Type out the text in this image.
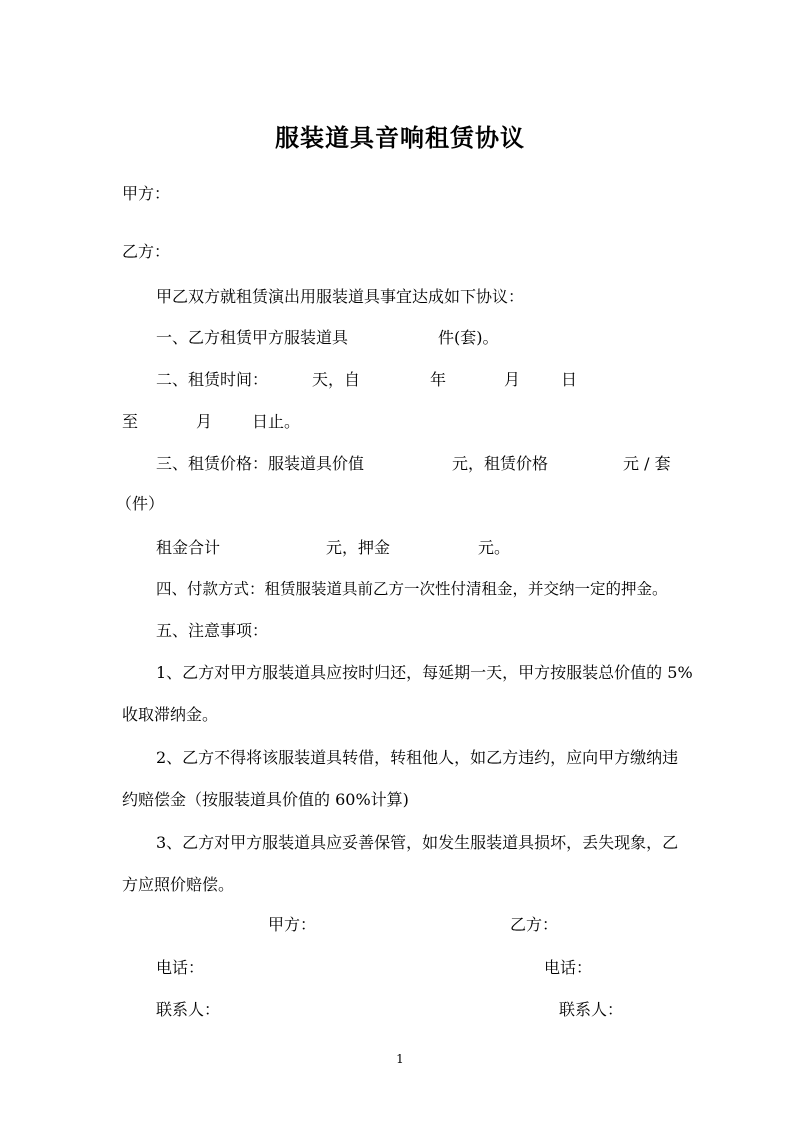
服装道具音响租赁协议
甲方：
乙方：
甲乙双方就租赁演出用服装道具事宜达成如下协议：
一、乙方租赁甲方服装道具	件(套)。
二、租赁时间：	天，自	年	月	日
至	月 日止。
三、租赁价格：服装道具价值	元，租赁价格	元 / 套
（件）
租金合计	元，押金	元。
四、付款方式：租赁服装道具前乙方一次性付清租金，并交纳一定的押金。
五、注意事项：
1、乙方对甲方服装道具应按时归还，每延期一天，甲方按服装总价值的 5%
收取滞纳金。
2、乙方不得将该服装道具转借，转租他人，如乙方违约，应向甲方缴纳违
约赔偿金（按服装道具价值的 60%计算)
3、乙方对甲方服装道具应妥善保管，如发生服装道具损坏，丢失现象，乙
方应照价赔偿。
甲方：	乙方：
电话：	电话：
联系人：	联系人：
1
